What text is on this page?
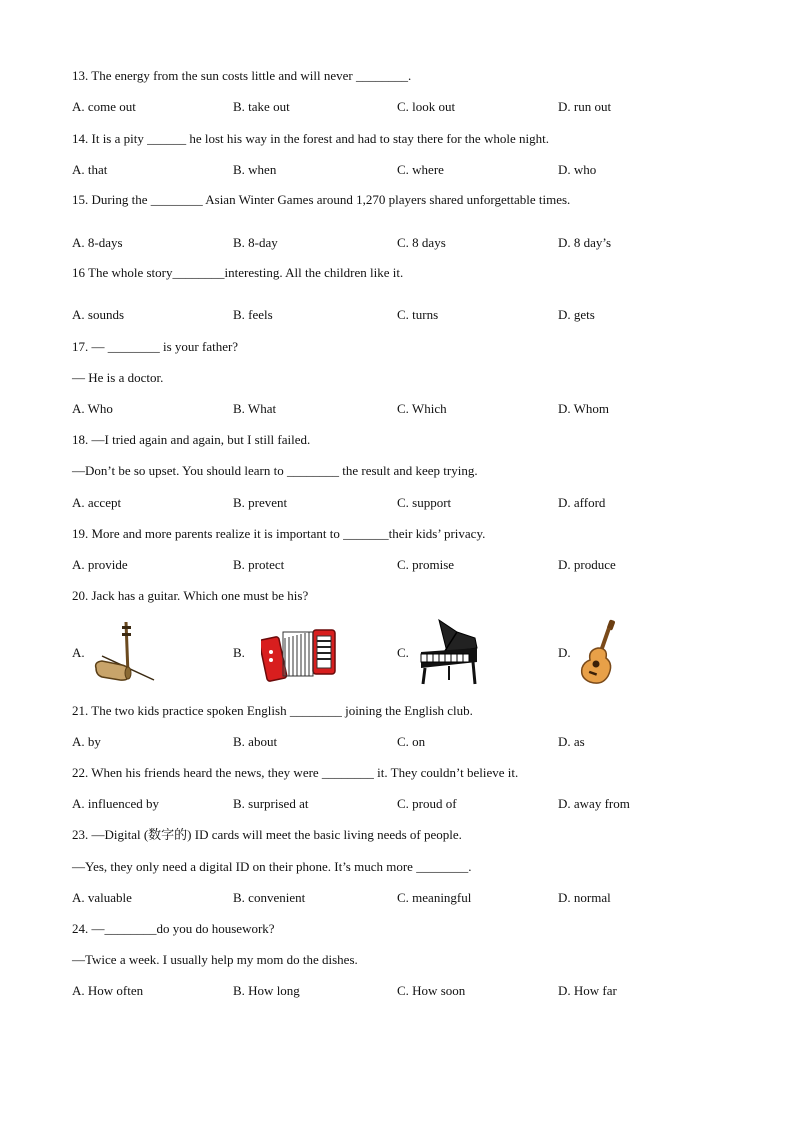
13. The energy from the sun costs little and will never ________.
A. come out	B. take out	C. look out	D. run out
14. It is a pity ______ he lost his way in the forest and had to stay there for the whole night.
A. that	B. when	C. where	D. who
15. During the ________ Asian Winter Games around 1,270 players shared unforgettable times.
A. 8-days	B. 8-day	C. 8 days	D. 8 day’s
16 The whole story________interesting. All the children like it.
A. sounds	B. feels	C. turns	D. gets
17. — ________ is your father?
— He is a doctor.
A. Who	B. What	C. Which	D. Whom
18. —I tried again and again, but I still failed.
—Don’t be so upset. You should learn to ________ the result and keep trying.
A. accept	B. prevent	C. support	D. afford
19. More and more parents realize it is important to _______their kids’ privacy.
A. provide	B. protect	C. promise	D. produce
20. Jack has a guitar. Which one must be his?
A.	B.	C.	D.
21. The two kids practice spoken English ________ joining the English club.
A. by	B. about	C. on	D. as
22. When his friends heard the news, they were ________ it. They couldn’t believe it.
A. influenced by	B. surprised at	C. proud of	D. away from
23. —Digital (数字的) ID cards will meet the basic living needs of people.
—Yes, they only need a digital ID on their phone. It’s much more ________.
A. valuable	B. convenient	C. meaningful	D. normal
24. —________do you do housework?
—Twice a week. I usually help my mom do the dishes.
A. How often	B. How long	C. How soon	D. How far
